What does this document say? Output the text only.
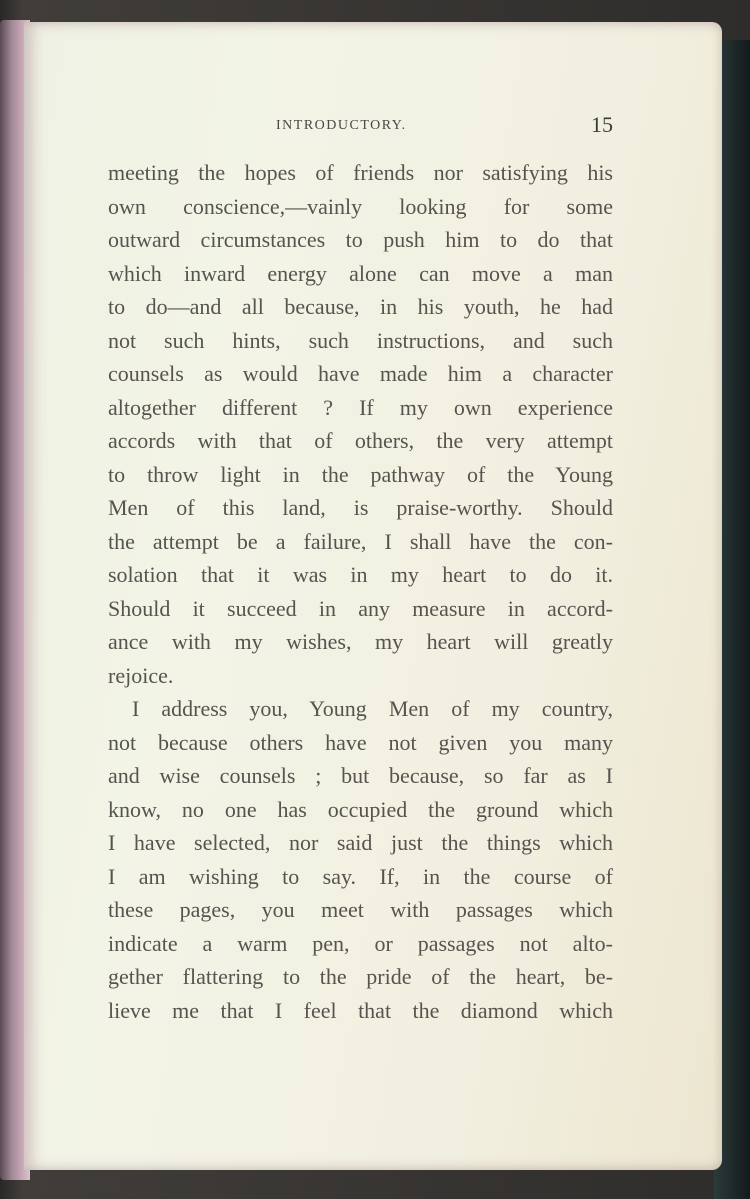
INTRODUCTORY.	15
meeting the hopes of friends nor satisfying his
own conscience,—vainly looking for some
outward circumstances to push him to do that
which inward energy alone can move a man
to do—and all because, in his youth, he had
not such hints, such instructions, and such
counsels as would have made him a character
altogether different ? If my own experience
accords with that of others, the very attempt
to throw light in the pathway of the Young
Men of this land, is praise-worthy. Should
the attempt be a failure, I shall have the con-
solation that it was in my heart to do it.
Should it succeed in any measure in accord-
ance with my wishes, my heart will greatly
rejoice.
I address you, Young Men of my country,
not because others have not given you many
and wise counsels ; but because, so far as I
know, no one has occupied the ground which
I have selected, nor said just the things which
I am wishing to say. If, in the course of
these pages, you meet with passages which
indicate a warm pen, or passages not alto-
gether flattering to the pride of the heart, be-
lieve me that I feel that the diamond which
